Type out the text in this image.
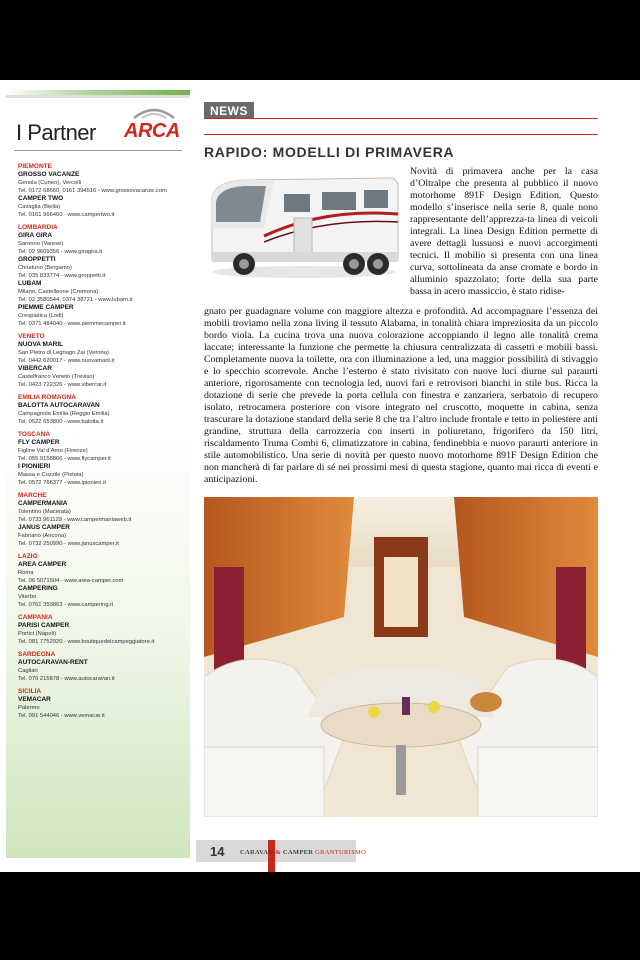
I Partner ARCA
PIEMONTE
GROSSO VACANZE
Genola (Cuneo), Vercelli
Tel. 0172 68660, 0161 394516 - www.grossovacanze.com
CAMPER TWO
Cavaglia (Biella)
Tel. 0161 966460 - www.campertwo.it
LOMBARDIA
GIRA GIRA
Saronno (Varese)
Tel. 02 9609356 - www.giragira.it
GROPPETTI
Chiuduno (Bergamo)
Tel. 035 833774 - www.groppetti.it
LUBAM
Milano, Castelleone (Cremona)
Tel. 02 3580544, 0374 38721 - www.lubam.it
PIEMME CAMPER
Crespiatica (Lodi)
Tel. 0371 484040 - www.piemmecamper.it
VENETO
NUOVA MARIL
San Pietro di Legnago Zai (Verona)
Tel. 0442 620017 - www.nuovamaril.it
VIBERCAR
Castelfranco Veneto (Treviso)
Tel. 0423 722326 - www.vibercar.it
EMILIA ROMAGNA
BALOTTA AUTOCARAVAN
Campagnola Emilia (Reggio Emilia)
Tel. 0522 653800 - www.balotta.it
TOSCANA
FLY CAMPER
Figline Val d'Arno (Firenze)
Tel. 055 9158866 - www.flycamper.it
I PIONIERI
Massa e Cozzile (Pistoia)
Tel. 0572 766377 - www.ipionieri.it
MARCHE
CAMPERMANIA
Tolentino (Macerata)
Tel. 0733 961129 - www.campermaniaweb.it
JANUS CAMPER
Fabriano (Ancona)
Tel. 0732 250990 - www.januscamper.it
LAZIO
AREA CAMPER
Roma
Tel. 06 5071504 - www.area-camper.com
CAMPERING
Viterbo
Tel. 0761 353863 - www.campering.it
CAMPANIA
PARISI CAMPER
Portici (Napoli)
Tel. 081 7752920 - www.boutiquedelcampeggiatore.it
SARDEGNA
AUTOCARAVAN-RENT
Cagliari
Tel. 070 215878 - www.autocaravan.it
SICILIA
VEMACAR
Palermo
Tel. 091 544046 - www.vemacar.it
NEWS
RAPIDO: MODELLI DI PRIMAVERA
Novità di primavera anche per la casa d’Oltralpe che presenta al pubblico il nuovo motorhome 891F Design Edition. Questo modello s’inserisce nella serie 8, quale nono rappresentante dell’apprezza-ta linea di veicoli integrali. La linea Design Edition permette di avere dettagli lussuosi e nuovi accorgimenti tecnici. Il mobilio si presenta con una linea curva, sottolineata da anse cromate e bordo in alluminio spazzolato; forte della sua parte bassa in acero massiccio, è stato ridise-
gnato per guadagnare volume con maggiore altezza e profondità. Ad accompagnare l’essenza dei mobili troviamo nella zona living il tessuto Alabama, in tonalità chiara impreziosita da un piccolo bordo viola. La cucina trova una nuova colorazione accoppiando il legno alle tonalità crema laccate; interessante la funzione che permette la chiusura centralizzata di cassetti e mobili bassi. Completamente nuova la toilette, ora con illuminazione a led, una maggior possibilità di stivaggio e lo specchio scorrevole. Anche l’esterno è stato rivisitato con nuove luci diurne sul paraurti anteriore, rigorosamente con tecnologia led, nuovi fari e retrovisori bianchi in stile bus. Ricca la dotazione di serie che prevede la porta cellula con finestra e zanzariera, serbatoio di recupero isolato, retrocamera posteriore con visore integrato nel cruscotto, moquette in cabina, senza trascurare la dotazione standard della serie 8 che tra l’altro include frontale e tetto in poliestere anti grandine, struttura della carrozzeria con inserti in poliuretano, frigorifero da 150 litri, riscaldamento Truma Combi 6, climatizzatore in cabina, fendinebbia e nuovo paraurti anteriore in stile automobilistico. Una serie di novità per questo nuovo motorhome 891F Design Edition che non mancherà di far parlare di sé nei prossimi mesi di questa stagione, quanto mai ricca di eventi e anticipazioni.
14 CARAVAN & CAMPER GRANTURISMO
